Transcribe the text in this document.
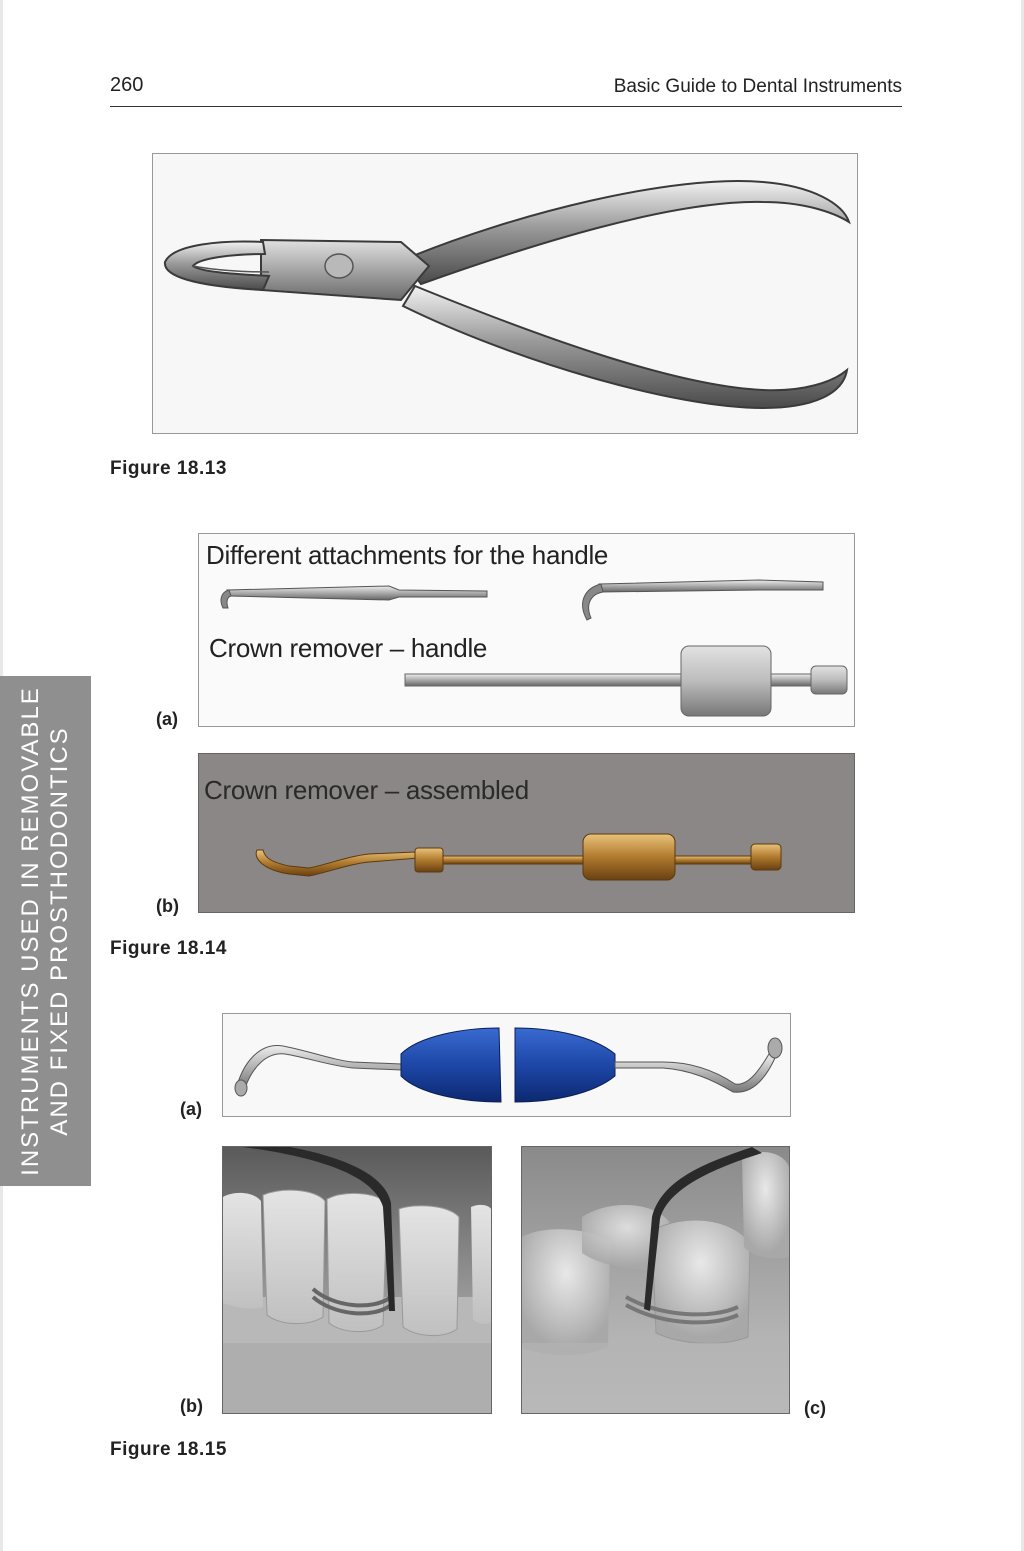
260	Basic Guide to Dental Instruments
INSTRUMENTS USED IN REMOVABLE AND FIXED PROSTHODONTICS
Figure 18.13
Different attachments for the handle
Crown remover – handle
(a)
Crown remover – assembled
(b)
Figure 18.14
(a)
(b)	(c)
Figure 18.15
